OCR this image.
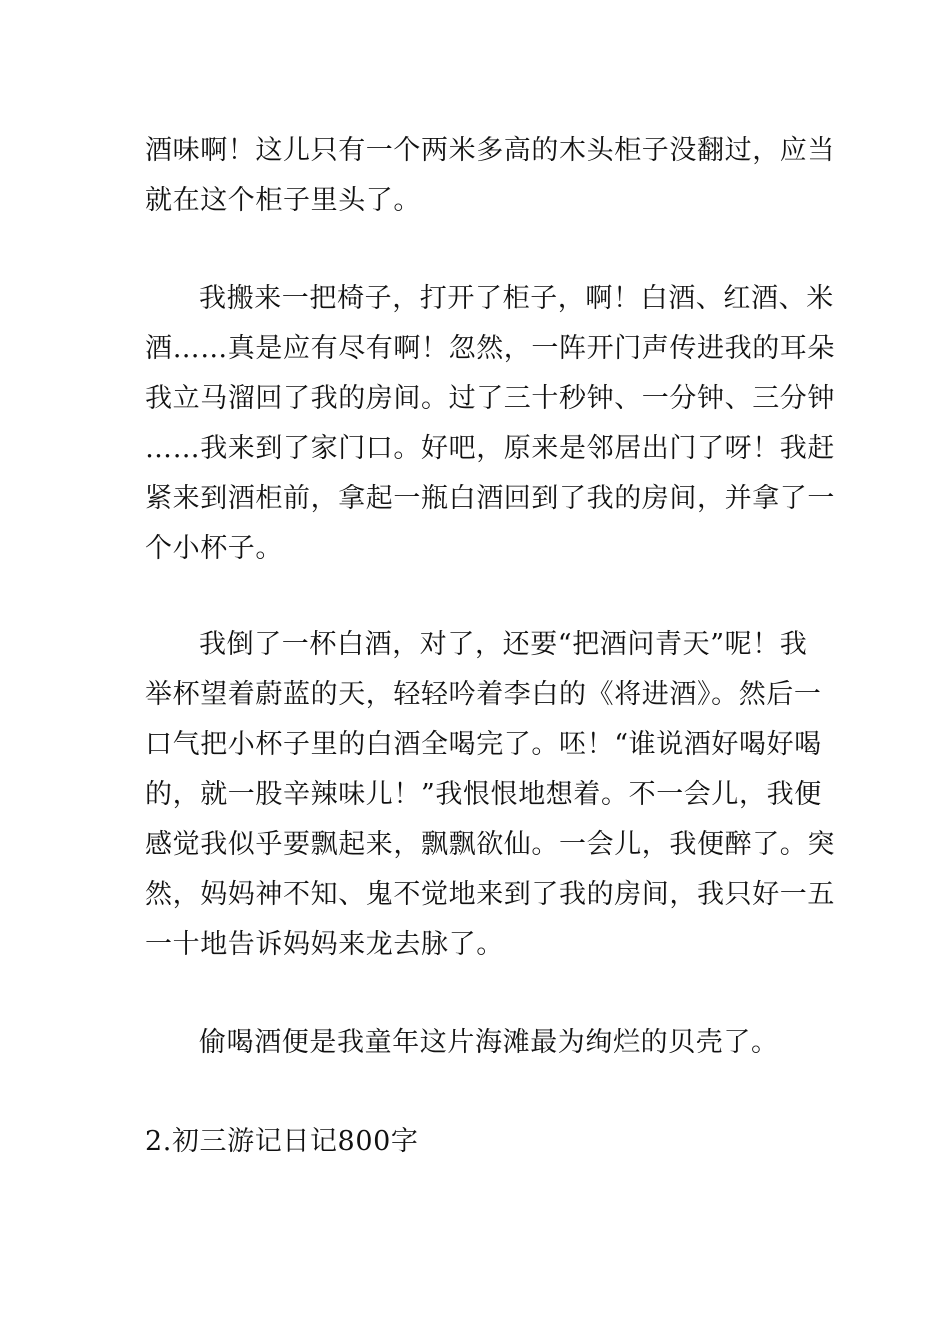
酒味啊！这儿只有一个两米多高的木头柜子没翻过，应当
就在这个柜子里头了。
我搬来一把椅子，打开了柜子，啊！白酒、红酒、米
酒……真是应有尽有啊！忽然，一阵开门声传进我的耳朵
我立马溜回了我的房间。过了三十秒钟、一分钟、三分钟
……我来到了家门口。好吧，原来是邻居出门了呀！我赶
紧来到酒柜前，拿起一瓶白酒回到了我的房间，并拿了一
个小杯子。
我倒了一杯白酒，对了，还要“把酒问青天”呢！我
举杯望着蔚蓝的天，轻轻吟着李白的《将进酒》。然后一
口气把小杯子里的白酒全喝完了。呸！“谁说酒好喝好喝
的，就一股辛辣味儿！”我恨恨地想着。不一会儿，我便
感觉我似乎要飘起来，飘飘欲仙。一会儿，我便醉了。突
然，妈妈神不知、鬼不觉地来到了我的房间，我只好一五
一十地告诉妈妈来龙去脉了。
偷喝酒便是我童年这片海滩最为绚烂的贝壳了。
2.初三游记日记800字
